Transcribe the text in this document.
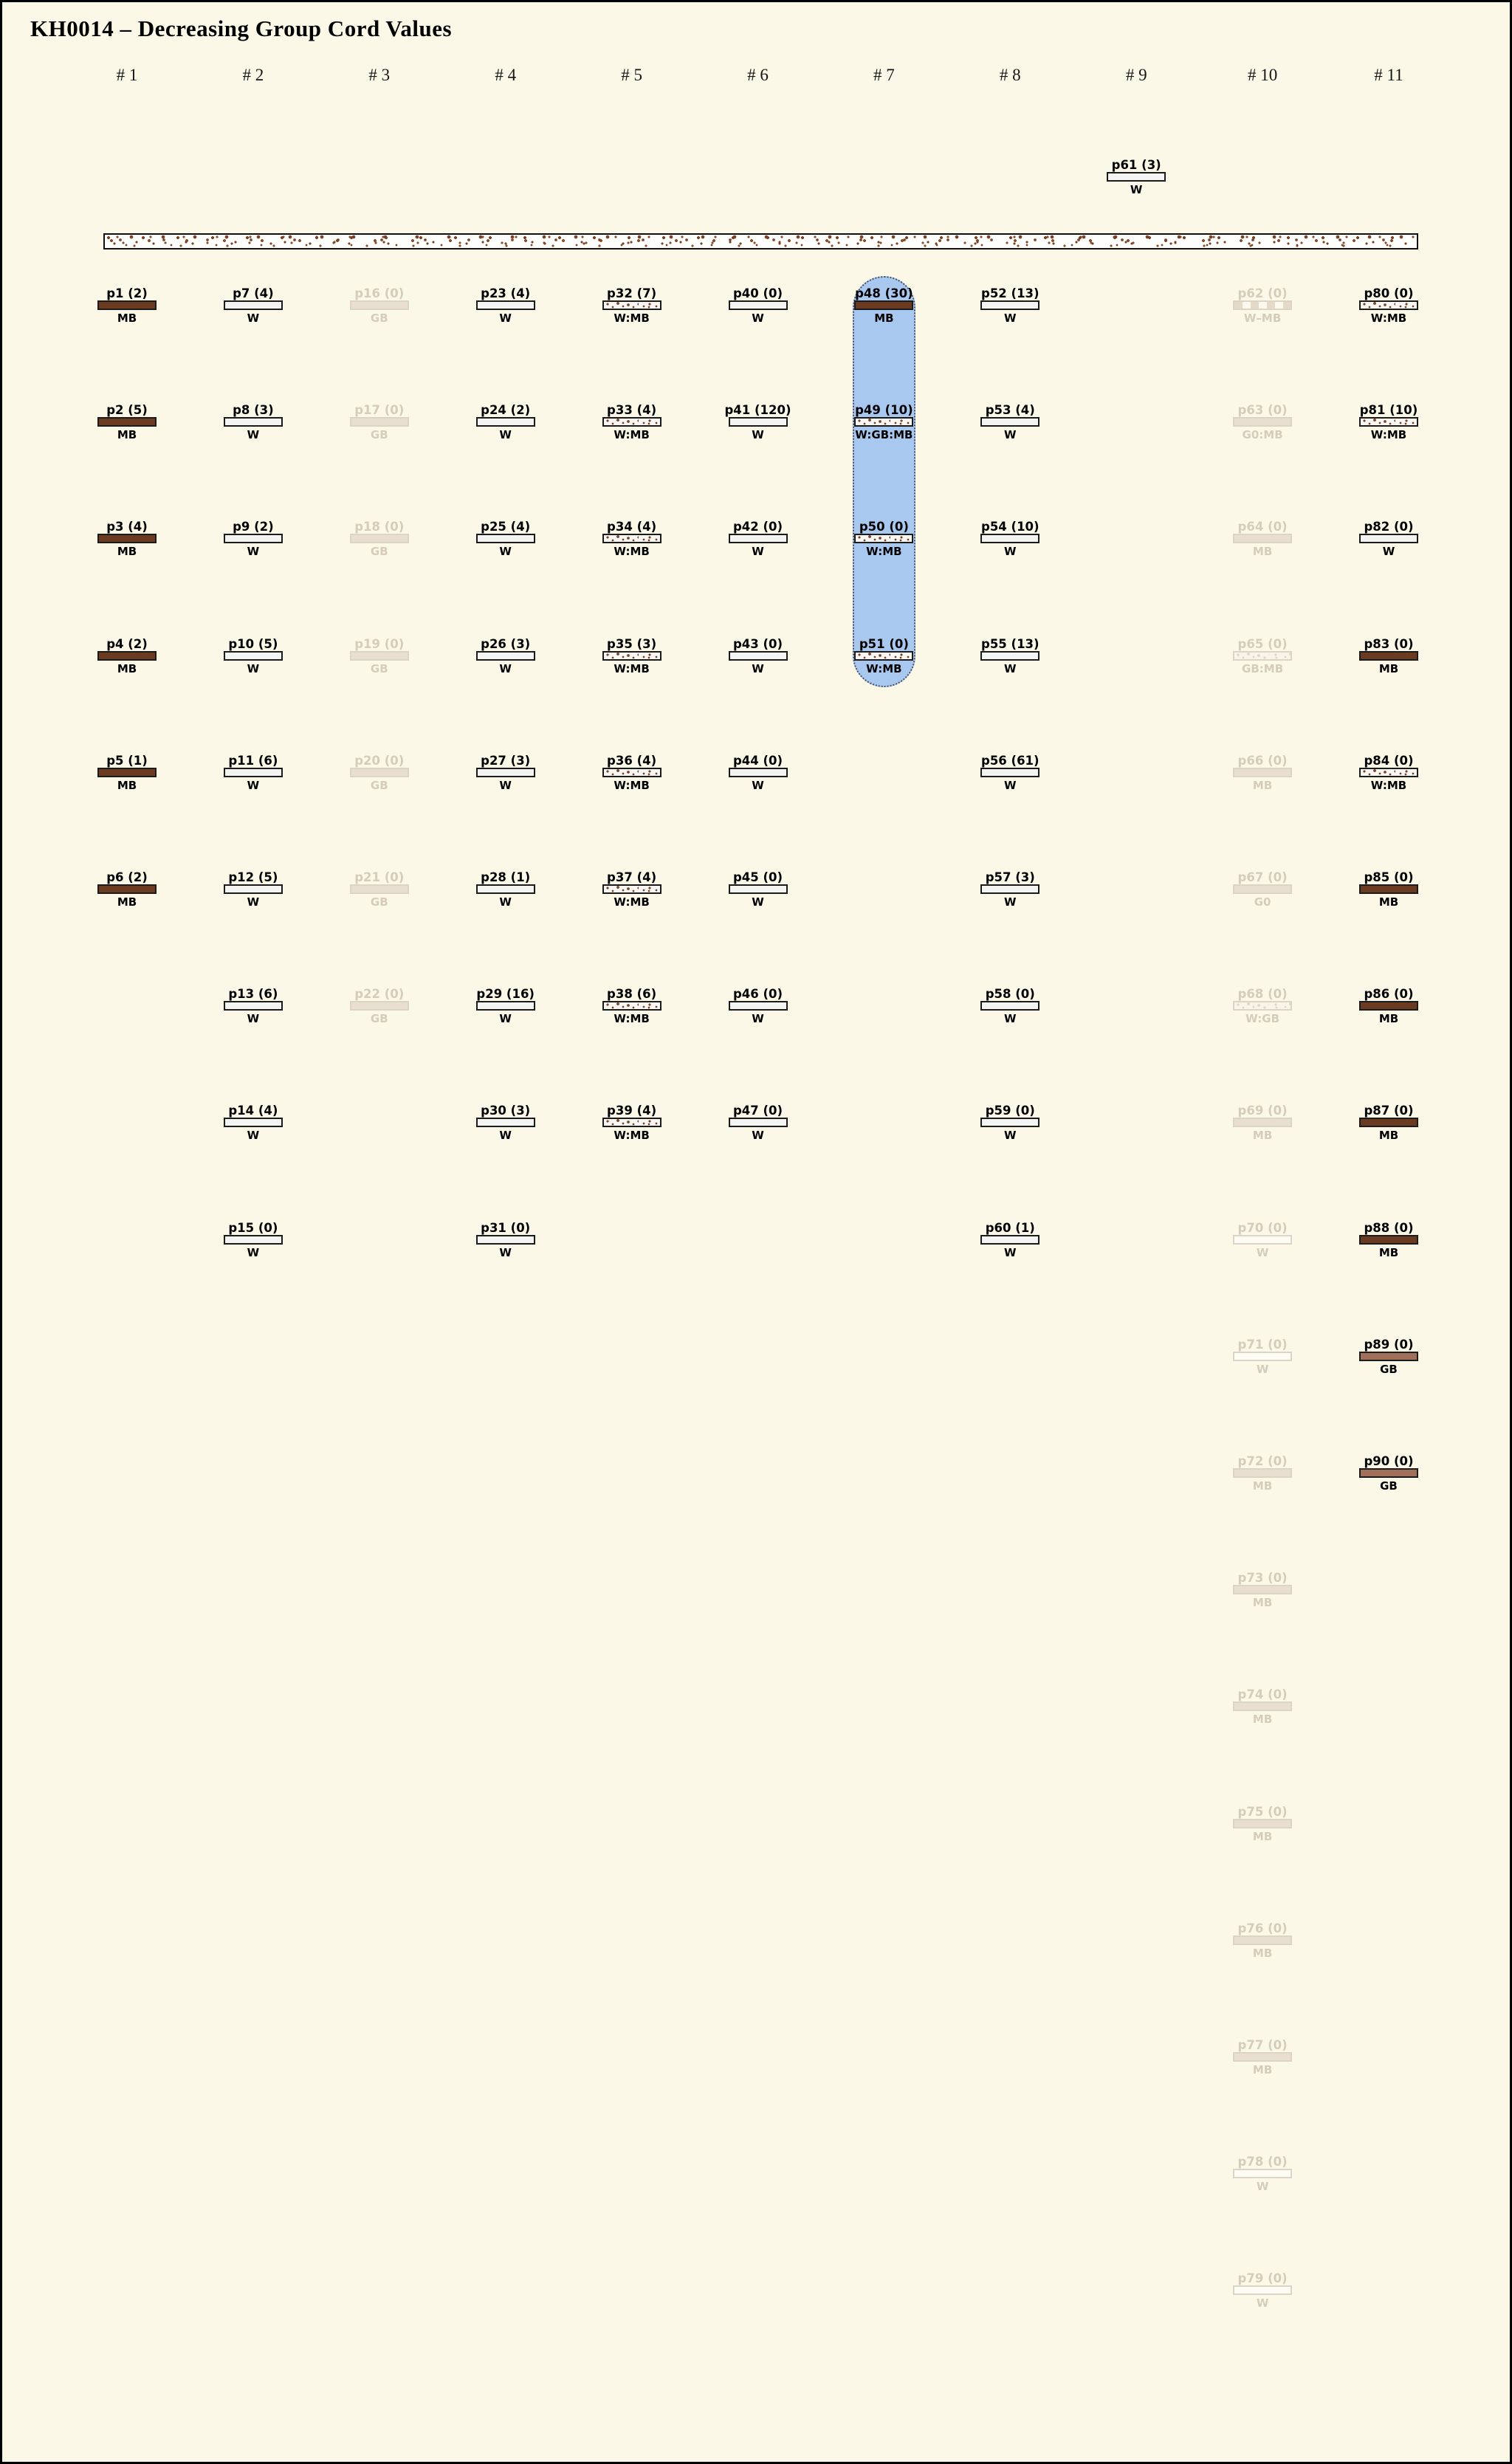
KH0014 – Decreasing Group Cord Values
# 1	# 2	# 3	# 4	# 5	# 6	# 7	# 8	# 9	# 10	# 11
p1 (2)
MB
p2 (5)
MB
p3 (4)
MB
p4 (2)
MB
p5 (1)
MB
p6 (2)
MB
p7 (4)
W
p8 (3)
W
p9 (2)
W
p10 (5)
W
p11 (6)
W
p12 (5)
W
p13 (6)
W
p14 (4)
W
p15 (0)
W
p16 (0)
GB
p17 (0)
GB
p18 (0)
GB
p19 (0)
GB
p20 (0)
GB
p21 (0)
GB
p22 (0)
GB
p23 (4)
W
p24 (2)
W
p25 (4)
W
p26 (3)
W
p27 (3)
W
p28 (1)
W
p29 (16)
W
p30 (3)
W
p31 (0)
W
p32 (7)
W:MB
p33 (4)
W:MB
p34 (4)
W:MB
p35 (3)
W:MB
p36 (4)
W:MB
p37 (4)
W:MB
p38 (6)
W:MB
p39 (4)
W:MB
p40 (0)
W
p41 (120)
W
p42 (0)
W
p43 (0)
W
p44 (0)
W
p45 (0)
W
p46 (0)
W
p47 (0)
W
p48 (30)
MB
p49 (10)
W:GB:MB
p50 (0)
W:MB
p51 (0)
W:MB
p52 (13)
W
p53 (4)
W
p54 (10)
W
p55 (13)
W
p56 (61)
W
p57 (3)
W
p58 (0)
W
p59 (0)
W
p60 (1)
W
p61 (3)
W
p62 (0)
W–MB
p63 (0)
G0:MB
p64 (0)
MB
p65 (0)
GB:MB
p66 (0)
MB
p67 (0)
G0
p68 (0)
W:GB
p69 (0)
MB
p70 (0)
W
p71 (0)
W
p72 (0)
MB
p73 (0)
MB
p74 (0)
MB
p75 (0)
MB
p76 (0)
MB
p77 (0)
MB
p78 (0)
W
p79 (0)
W
p80 (0)
W:MB
p81 (10)
W:MB
p82 (0)
W
p83 (0)
MB
p84 (0)
W:MB
p85 (0)
MB
p86 (0)
MB
p87 (0)
MB
p88 (0)
MB
p89 (0)
GB
p90 (0)
GB
